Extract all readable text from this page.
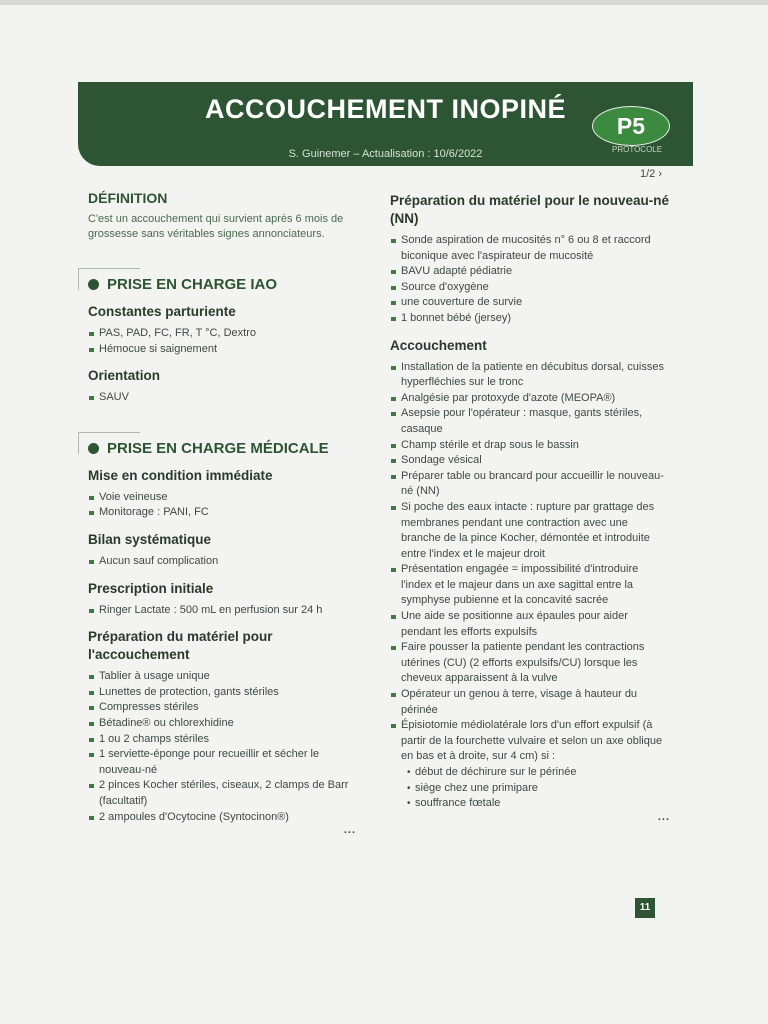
ACCOUCHEMENT INOPINÉ
S. Guinemer – Actualisation : 10/6/2022
P5
PROTOCOLE
1/2 ›
DÉFINITION

C'est un accouchement qui survient après 6 mois de grossesse sans véritables signes annonciateurs.

PRISE EN CHARGE IAO
Constantes parturiente
PAS, PAD, FC, FR, T °C, Dextro
Hémocue si saignement
Orientation
SAUV
PRISE EN CHARGE MÉDICALE
Mise en condition immédiate
Voie veineuse
Monitorage : PANI, FC
Bilan systématique
Aucun sauf complication
Prescription initiale
Ringer Lactate : 500 mL en perfusion sur 24 h
Préparation du matériel pour l'accouchement
Tablier à usage unique
Lunettes de protection, gants stériles
Compresses stériles
Bétadine® ou chlorexhidine
1 ou 2 champs stériles
1 serviette-éponge pour recueillir et sécher le nouveau-né
2 pinces Kocher stériles, ciseaux, 2 clamps de Barr (facultatif)
2 ampoules d'Ocytocine (Syntocinon®)
...
Préparation du matériel pour le nouveau-né (NN)
Sonde aspiration de mucosités n° 6 ou 8 et raccord biconique avec l'aspirateur de mucosité
BAVU adapté pédiatrie
Source d'oxygène
une couverture de survie
1 bonnet bébé (jersey)
Accouchement
Installation de la patiente en décubitus dorsal, cuisses hyperfléchies sur le tronc
Analgésie par protoxyde d'azote (MEOPA®)
Asepsie pour l'opérateur : masque, gants stériles, casaque
Champ stérile et drap sous le bassin
Sondage vésical
Préparer table ou brancard pour accueillir le nouveau-né (NN)
Si poche des eaux intacte : rupture par grattage des membranes pendant une contraction avec une branche de la pince Kocher, démontée et introduite entre l'index et le majeur droit
Présentation engagée = impossibilité d'introduire l'index et le majeur dans un axe sagittal entre la symphyse pubienne et la concavité sacrée
Une aide se positionne aux épaules pour aider pendant les efforts expulsifs
Faire pousser la patiente pendant les contractions utérines (CU) (2 efforts expulsifs/CU) lorsque les cheveux apparaissent à la vulve
Opérateur un genou à terre, visage à hauteur du périnée
Épisiotomie médiolatérale lors d'un effort expulsif (à partir de la fourchette vulvaire et selon un axe oblique en bas et à droite, sur 4 cm) si :
• début de déchirure sur le périnée
• siège chez une primipare
• souffrance fœtale
...
11
